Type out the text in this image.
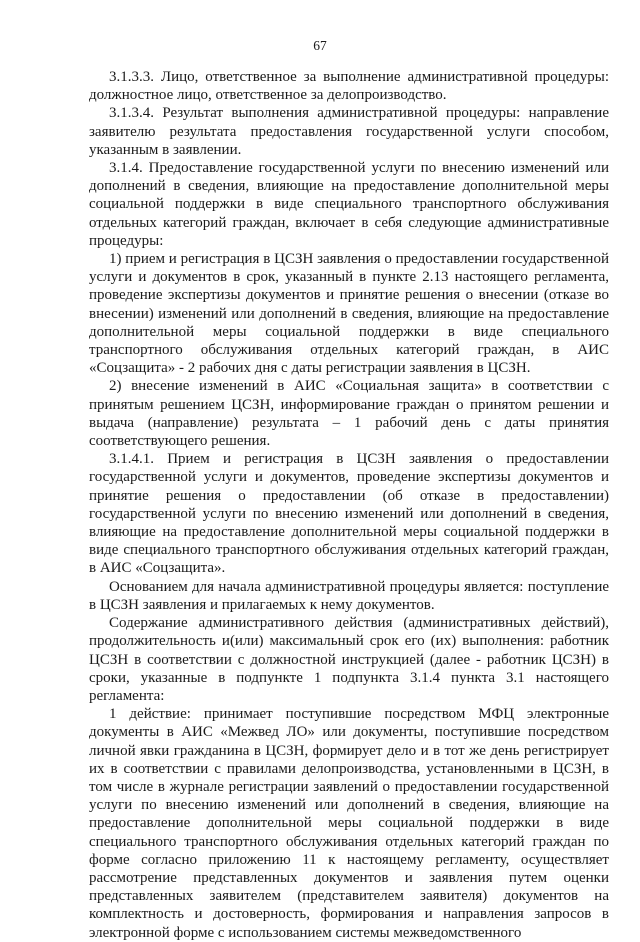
67

3.1.3.3. Лицо, ответственное за выполнение административной процедуры: должностное лицо, ответственное за делопроизводство.

3.1.3.4. Результат выполнения административной процедуры: направление заявителю результата предоставления государственной услуги способом, указанным в заявлении.

3.1.4. Предоставление государственной услуги по внесению изменений или дополнений в сведения, влияющие на предоставление дополнительной меры социальной поддержки в виде специального транспортного обслуживания отдельных категорий граждан, включает в себя следующие административные процедуры:

1) прием и регистрация в ЦСЗН заявления о предоставлении государственной услуги и документов в срок, указанный в пункте 2.13 настоящего регламента, проведение экспертизы документов и принятие решения о внесении (отказе во внесении) изменений или дополнений в сведения, влияющие на предоставление дополнительной меры социальной поддержки в виде специального транспортного обслуживания отдельных категорий граждан, в АИС «Соцзащита» - 2 рабочих дня с даты регистрации заявления в ЦСЗН.

2) внесение изменений в АИС «Социальная защита» в соответствии с принятым решением ЦСЗН, информирование граждан о принятом решении и выдача (направление) результата – 1 рабочий день с даты принятия соответствующего решения.

3.1.4.1. Прием и регистрация в ЦСЗН заявления о предоставлении государственной услуги и документов, проведение экспертизы документов и принятие решения о предоставлении (об отказе в предоставлении) государственной услуги по внесению изменений или дополнений в сведения, влияющие на предоставление дополнительной меры социальной поддержки в виде специального транспортного обслуживания отдельных категорий граждан, в АИС «Соцзащита».

Основанием для начала административной процедуры является: поступление в ЦСЗН заявления и прилагаемых к нему документов.

Содержание административного действия (административных действий), продолжительность и(или) максимальный срок его (их) выполнения: работник ЦСЗН в соответствии с должностной инструкцией (далее - работник ЦСЗН) в сроки, указанные в подпункте 1 подпункта 3.1.4 пункта 3.1 настоящего регламента:

1 действие: принимает поступившие посредством МФЦ электронные документы в АИС «Межвед ЛО» или документы, поступившие посредством личной явки гражданина в ЦСЗН, формирует дело и в тот же день регистрирует их в соответствии с правилами делопроизводства, установленными в ЦСЗН, в том числе в журнале регистрации заявлений о предоставлении государственной услуги по внесению изменений или дополнений в сведения, влияющие на предоставление дополнительной меры социальной поддержки в виде специального транспортного обслуживания отдельных категорий граждан по форме согласно приложению 11 к настоящему регламенту, осуществляет рассмотрение представленных документов и заявления путем оценки представленных заявителем (представителем заявителя) документов на комплектность и достоверность, формирования и направления запросов в электронной форме с использованием системы межведомственного
